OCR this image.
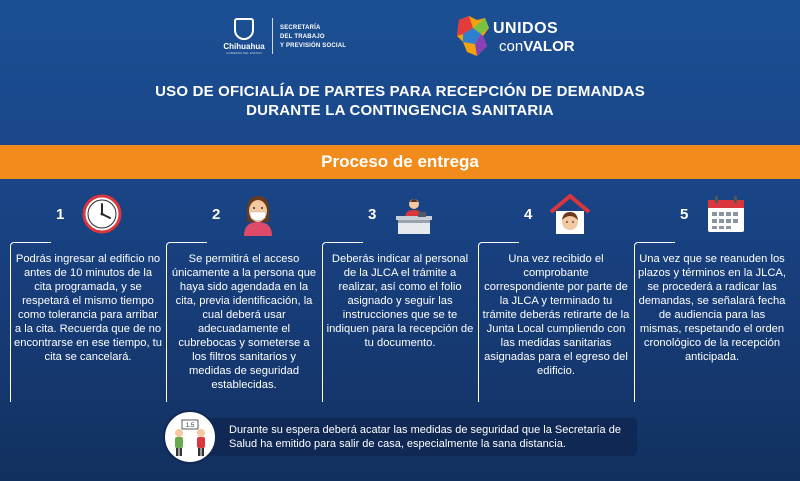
Chihuahua
GOBIERNO DEL ESTADO
SECRETARÍA
DEL TRABAJO
Y PREVISIÓN SOCIAL
UNIDOS
conVALOR
USO DE OFICIALÍA DE PARTES PARA RECEPCIÓN DE DEMANDAS
DURANTE LA CONTINGENCIA SANITARIA
Proceso de entrega
1
Podrás ingresar al edificio no antes de 10 minutos de la cita programada, y se respetará el mismo tiempo como tolerancia para arribar a la cita. Recuerda que de no encontrarse en ese tiempo, tu cita se cancelará.
2
Se permitirá el acceso únicamente a la persona que haya sido agendada en la cita, previa identificación, la cual deberá usar adecuadamente el cubrebocas y someterse a los filtros sanitarios y medidas de seguridad establecidas.
3
Deberás indicar al personal de la JLCA el trámite a realizar, así como el folio asignado y seguir las instrucciones que se te indiquen para la recepción de tu documento.
4
Una vez recibido el comprobante correspondiente por parte de la JLCA y terminado tu trámite deberás retirarte de la Junta Local cumpliendo con las medidas sanitarias asignadas para el egreso del edificio.
5
Una vez que se reanuden los plazos y términos en la JLCA, se procederá a radicar las demandas, se señalará fecha de audiencia para las mismas, respetando el orden cronológico de la recepción anticipada.
1.5	Durante su espera deberá acatar las medidas de seguridad que la Secretaría de Salud ha emitido para salir de casa, especialmente la sana distancia.
